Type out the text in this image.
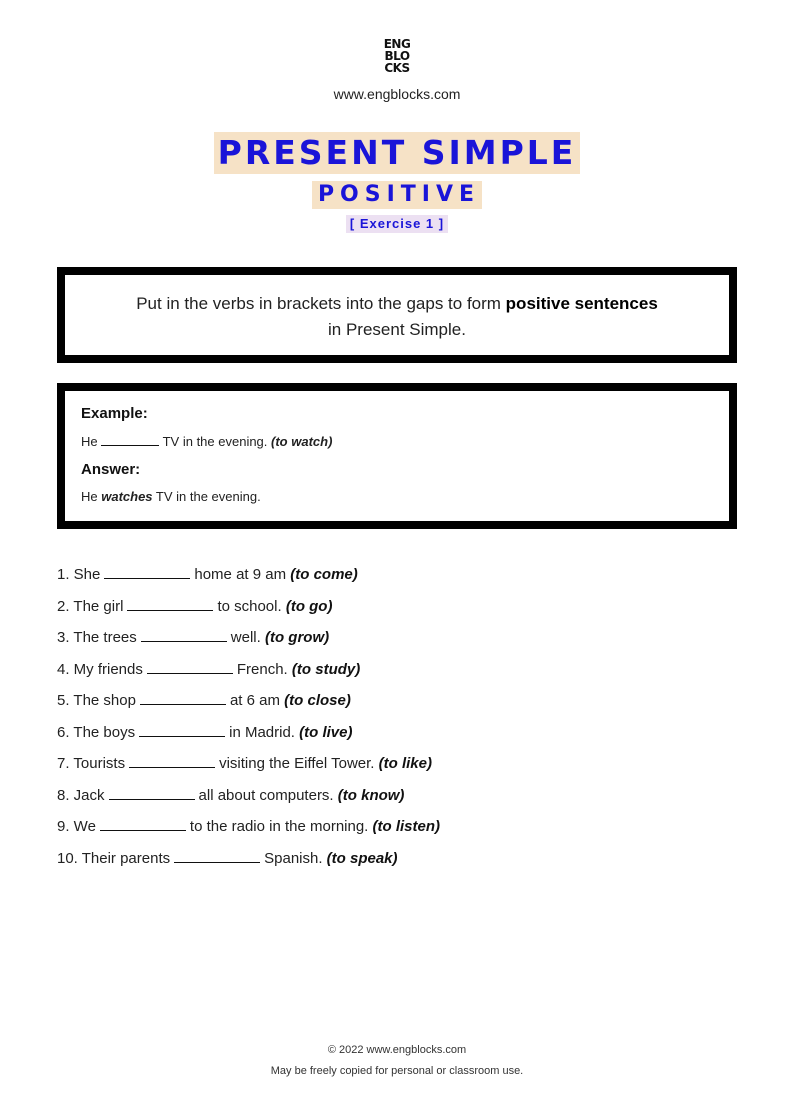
ENG
BLO
CKS
www.engblocks.com
PRESENT SIMPLE
POSITIVE
[ Exercise 1 ]
Put in the verbs in brackets into the gaps to form positive sentences
in Present Simple.
Example:
He	TV in the evening. (to watch)
Answer:
He watches TV in the evening.
1. She	home at 9 am (to come)
2. The girl	to school. (to go)
3. The trees	well. (to grow)
4. My friends	French. (to study)
5. The shop	at 6 am (to close)
6. The boys	in Madrid. (to live)
7. Tourists	visiting the Eiffel Tower. (to like)
8. Jack	all about computers. (to know)
9. We	to the radio in the morning. (to listen)
10. Their parents	Spanish. (to speak)
© 2022 www.engblocks.com
May be freely copied for personal or classroom use.
